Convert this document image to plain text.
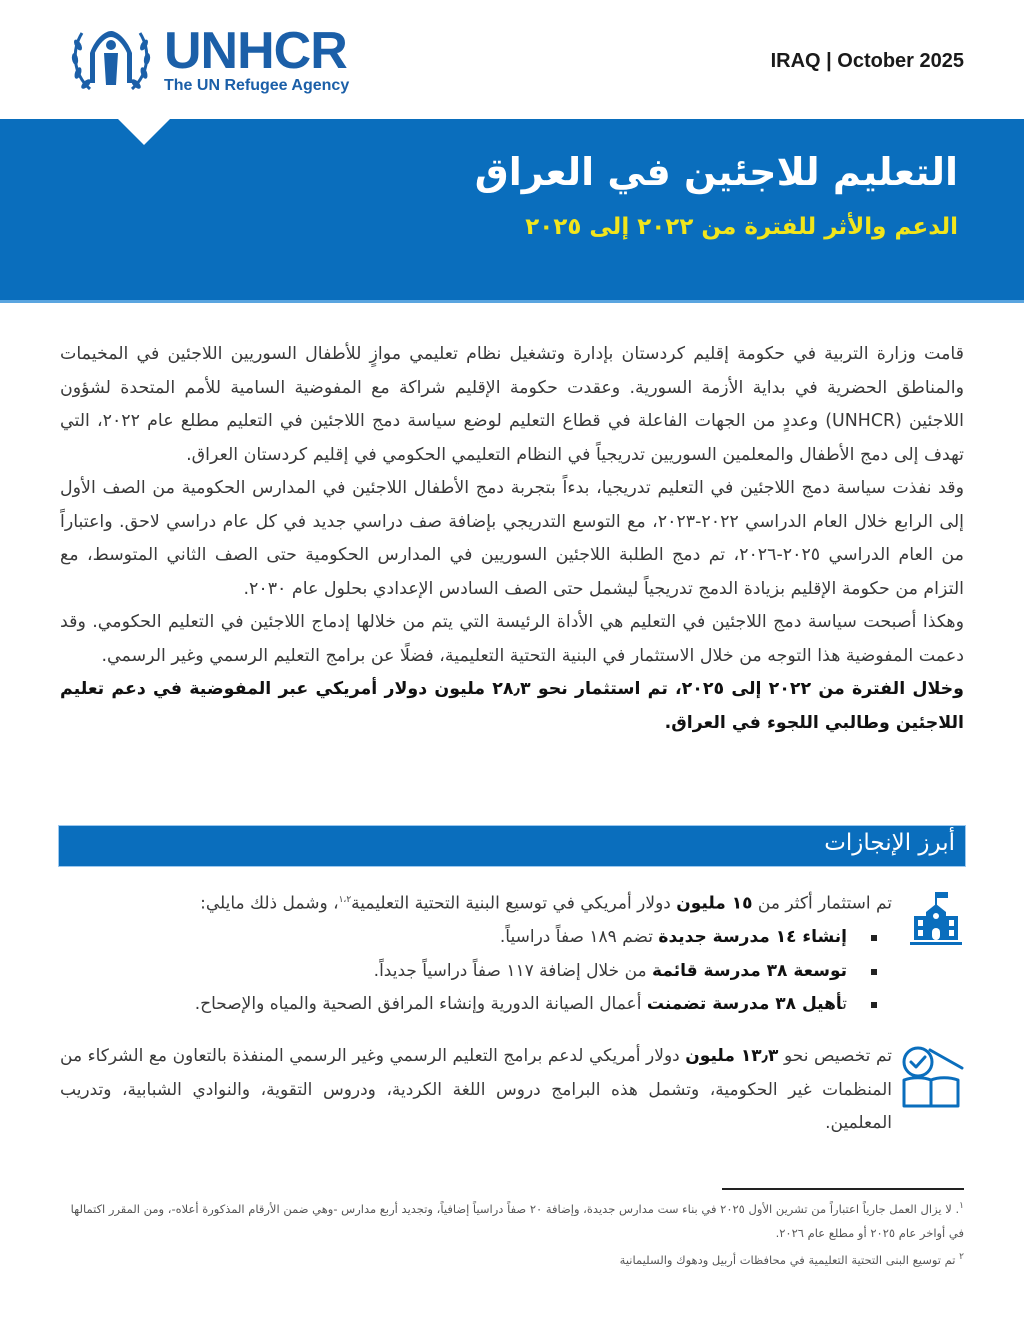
UNHCR
The UN Refugee Agency
IRAQ | October 2025
التعليم للاجئين في العراق
الدعم والأثر للفترة من ٢٠٢٢ إلى ٢٠٢٥

قامت وزارة التربية في حكومة إقليم كردستان بإدارة وتشغيل نظام تعليمي موازٍ للأطفال السوريين اللاجئين في المخيمات والمناطق الحضرية في بداية الأزمة السورية. وعقدت حكومة الإقليم شراكة مع المفوضية السامية للأمم المتحدة لشؤون اللاجئين (UNHCR) وعددٍ من الجهات الفاعلة في قطاع التعليم لوضع سياسة دمج اللاجئين في التعليم مطلع عام ٢٠٢٢، التي تهدف إلى دمج الأطفال والمعلمين السوريين تدريجياً في النظام التعليمي الحكومي في إقليم كردستان العراق.

وقد نفذت سياسة دمج اللاجئين في التعليم تدريجيا، بدءاً بتجربة دمج الأطفال اللاجئين في المدارس الحكومية من الصف الأول إلى الرابع خلال العام الدراسي ٢٠٢٢-٢٠٢٣، مع التوسع التدريجي بإضافة صف دراسي جديد في كل عام دراسي لاحق. واعتباراً من العام الدراسي ٢٠٢٥-٢٠٢٦، تم دمج الطلبة اللاجئين السوريين في المدارس الحكومية حتى الصف الثاني المتوسط، مع التزام من حكومة الإقليم بزيادة الدمج تدريجياً ليشمل حتى الصف السادس الإعدادي بحلول عام ٢٠٣٠.

وهكذا أصبحت سياسة دمج اللاجئين في التعليم هي الأداة الرئيسة التي يتم من خلالها إدماج اللاجئين في التعليم الحكومي. وقد دعمت المفوضية هذا التوجه من خلال الاستثمار في البنية التحتية التعليمية، فضلًا عن برامج التعليم الرسمي وغير الرسمي.

وخلال الفترة من ٢٠٢٢ إلى ٢٠٢٥، تم استثمار نحو ٢٨٫٣ مليون دولار أمريكي عبر المفوضية في دعم تعليم اللاجئين وطالبي اللجوء في العراق.

أبرز الإنجازات
تم استثمار أكثر من ١٥ مليون دولار أمريكي في توسيع البنية التحتية التعليمية$^{١،٢}$، وشمل ذلك مايلي:
إنشاء ١٤ مدرسة جديدة تضم ١٨٩ صفاً دراسياً.
توسعة ٣٨ مدرسة قائمة من خلال إضافة ١١٧ صفاً دراسياً جديداً.
تأهيل ٣٨ مدرسة تضمنت أعمال الصيانة الدورية وإنشاء المرافق الصحية والمياه والإصحاح.
تم تخصيص نحو ١٣٫٣ مليون دولار أمريكي لدعم برامج التعليم الرسمي وغير الرسمي المنفذة بالتعاون مع الشركاء من المنظمات غير الحكومية، وتشمل هذه البرامج دروس اللغة الكردية، ودروس التقوية، والنوادي الشبابية، وتدريب المعلمين.

$^١$. لا يزال العمل جارياً اعتباراً من تشرين الأول ٢٠٢٥ في بناء ست مدارس جديدة، وإضافة ٢٠ صفاً دراسياً إضافياً، وتجديد أربع مدارس -وهي ضمن الأرقام المذكورة أعلاه-، ومن المقرر اكتمالها في أواخر عام ٢٠٢٥ أو مطلع عام ٢٠٢٦.

$^٢$ تم توسيع البنى التحتية التعليمية في محافظات أربيل ودهوك والسليمانية
